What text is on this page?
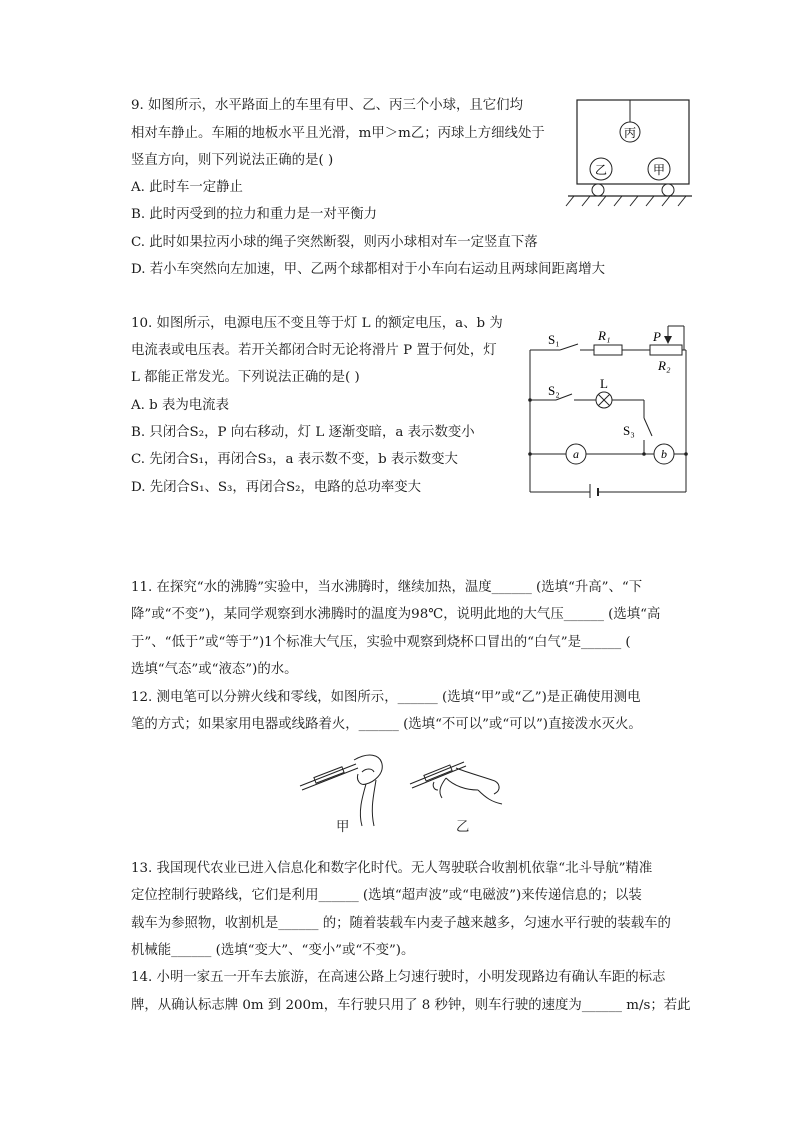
9. 如图所示，水平路面上的车里有甲、乙、丙三个小球，且它们均
相对车静止。车厢的地板水平且光滑，m甲＞m乙；丙球上方细线处于
竖直方向，则下列说法正确的是( )
A. 此时车一定静止
B. 此时丙受到的拉力和重力是一对平衡力
C. 此时如果拉丙小球的绳子突然断裂，则丙小球相对车一定竖直下落
D. 若小车突然向左加速，甲、乙两个球都相对于小车向右运动且两球间距离增大
丙
乙	甲
10. 如图所示，电源电压不变且等于灯 L 的额定电压，a、b 为
电流表或电压表。若开关都闭合时无论将滑片 P 置于何处，灯
L 都能正常发光。下列说法正确的是( )
A. b 表为电流表
B. 只闭合S₂，P 向右移动，灯 L 逐渐变暗，a 表示数变小
C. 先闭合S₁，再闭合S₃，a 表示数不变，b 表示数变大
D. 先闭合S₁、S₃，再闭合S₂，电路的总功率变大
S₁	R₁	P
R₂
S₂	L
S₃
a	b
11. 在探究“水的沸腾”实验中，当水沸腾时，继续加热，温度______ (选填“升高”、“下
降”或“不变”)，某同学观察到水沸腾时的温度为98℃，说明此地的大气压______ (选填“高
于”、“低于”或“等于”)1个标准大气压，实验中观察到烧杯口冒出的“白气”是______ (
选填“气态”或“液态”)的水。
12. 测电笔可以分辨火线和零线，如图所示，______ (选填“甲”或“乙”)是正确使用测电
笔的方式；如果家用电器或线路着火，______ (选填“不可以”或“可以”)直接泼水灭火。
甲	乙
13. 我国现代农业已进入信息化和数字化时代。无人驾驶联合收割机依靠“北斗导航”精准
定位控制行驶路线，它们是利用______ (选填“超声波”或“电磁波”)来传递信息的；以装
载车为参照物，收割机是______ 的；随着装载车内麦子越来越多，匀速水平行驶的装载车的
机械能______ (选填“变大”、“变小”或“不变”)。
14. 小明一家五一开车去旅游，在高速公路上匀速行驶时，小明发现路边有确认车距的标志
牌，从确认标志牌 0m 到 200m，车行驶只用了 8 秒钟，则车行驶的速度为______ m/s；若此
